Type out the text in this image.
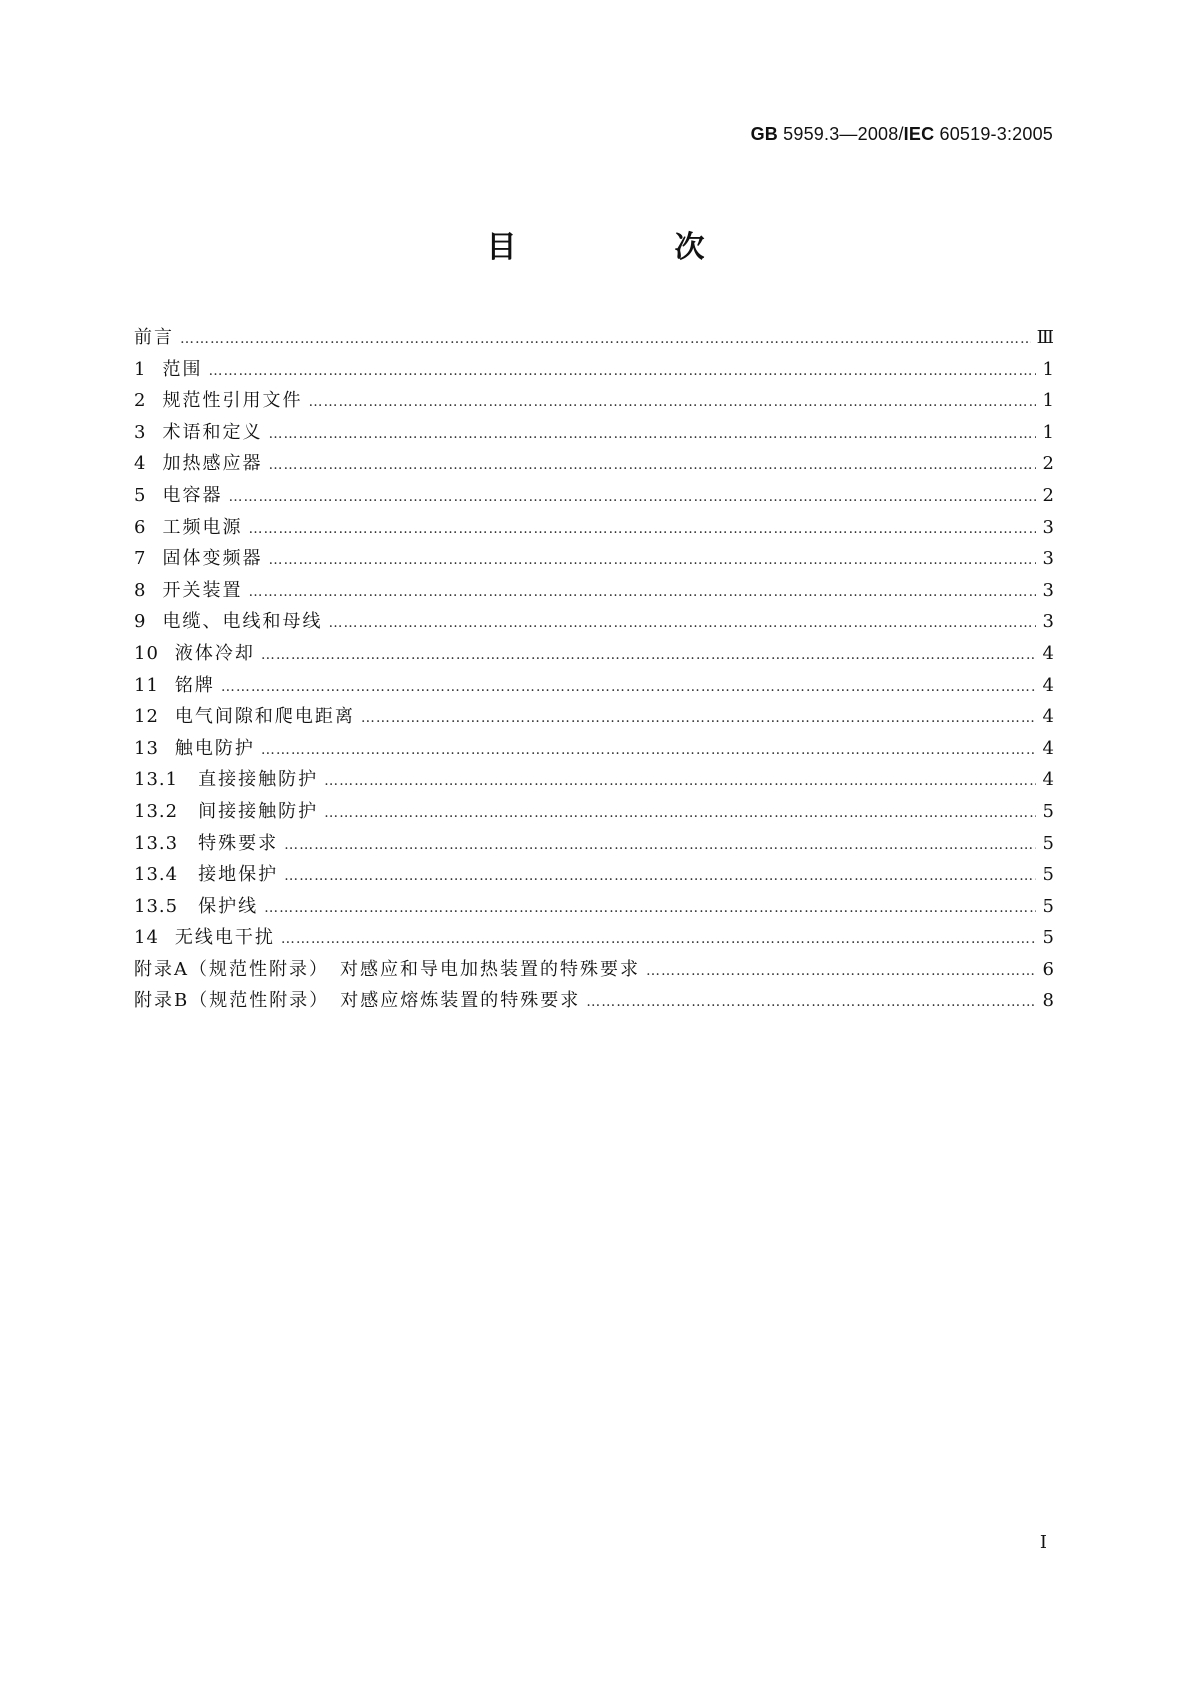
GB 5959.3—2008/IEC 60519-3:2005
目　次
前言 ……………………………………………………………………………………………………………………………………………………………………………………………………………………	Ⅲ
1 范围 ……………………………………………………………………………………………………………………………………………………………………………………………………………………	1
2 规范性引用文件 ……………………………………………………………………………………………………………………………………………………………………………………………………………………	1
3 术语和定义 ……………………………………………………………………………………………………………………………………………………………………………………………………………………	1
4 加热感应器 ……………………………………………………………………………………………………………………………………………………………………………………………………………………	2
5 电容器 ……………………………………………………………………………………………………………………………………………………………………………………………………………………	2
6 工频电源 ……………………………………………………………………………………………………………………………………………………………………………………………………………………	3
7 固体变频器 ……………………………………………………………………………………………………………………………………………………………………………………………………………………	3
8 开关装置 ……………………………………………………………………………………………………………………………………………………………………………………………………………………	3
9 电缆、电线和母线 ……………………………………………………………………………………………………………………………………………………………………………………………………………………	3
10 液体冷却 ……………………………………………………………………………………………………………………………………………………………………………………………………………………	4
11 铭牌 ……………………………………………………………………………………………………………………………………………………………………………………………………………………	4
12 电气间隙和爬电距离 ……………………………………………………………………………………………………………………………………………………………………………………………………………………	4
13 触电防护 ……………………………………………………………………………………………………………………………………………………………………………………………………………………	4
13.1 直接接触防护 ……………………………………………………………………………………………………………………………………………………………………………………………………………………	4
13.2 间接接触防护 ……………………………………………………………………………………………………………………………………………………………………………………………………………………	5
13.3 特殊要求 ……………………………………………………………………………………………………………………………………………………………………………………………………………………	5
13.4 接地保护 ……………………………………………………………………………………………………………………………………………………………………………………………………………………	5
13.5 保护线 ……………………………………………………………………………………………………………………………………………………………………………………………………………………	5
14 无线电干扰 ……………………………………………………………………………………………………………………………………………………………………………………………………………………	5
附录A（规范性附录）　对感应和导电加热装置的特殊要求 ……………………………………………………………………………………………………………………………………………………………………………………………………………………	6
附录B（规范性附录）　对感应熔炼装置的特殊要求 ……………………………………………………………………………………………………………………………………………………………………………………………………………………	8
I
